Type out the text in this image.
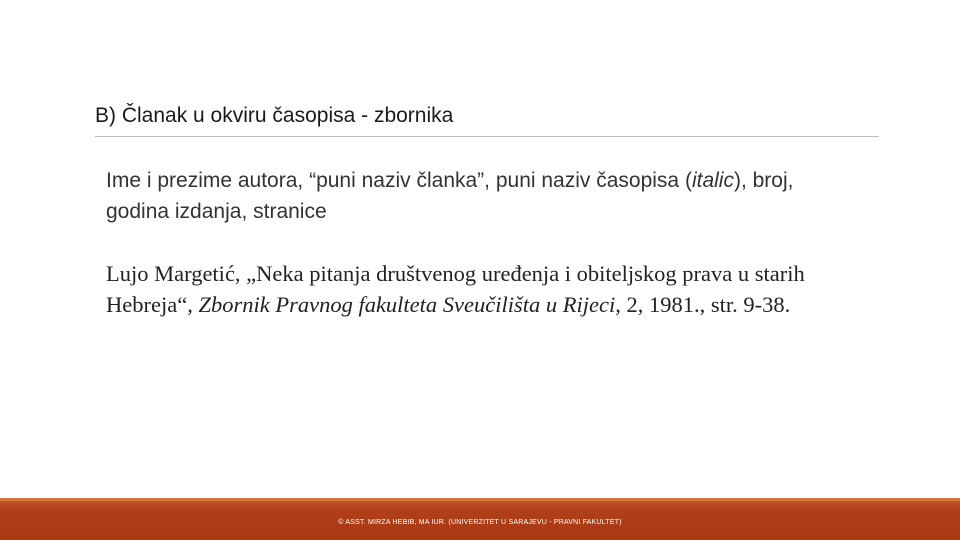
B) Članak u okviru časopisa - zbornika
Ime i prezime autora, “puni naziv članka”, puni naziv časopisa (italic), broj, godina izdanja, stranice
Lujo Margetić, „Neka pitanja društvenog uređenja i obiteljskog prava u starih Hebreja“, Zbornik Pravnog fakulteta Sveučilišta u Rijeci, 2, 1981., str. 9-38.
© ASST. MIRZA HEBIB, MA IUR. (UNIVERZITET U SARAJEVU - PRAVNI FAKULTET)
